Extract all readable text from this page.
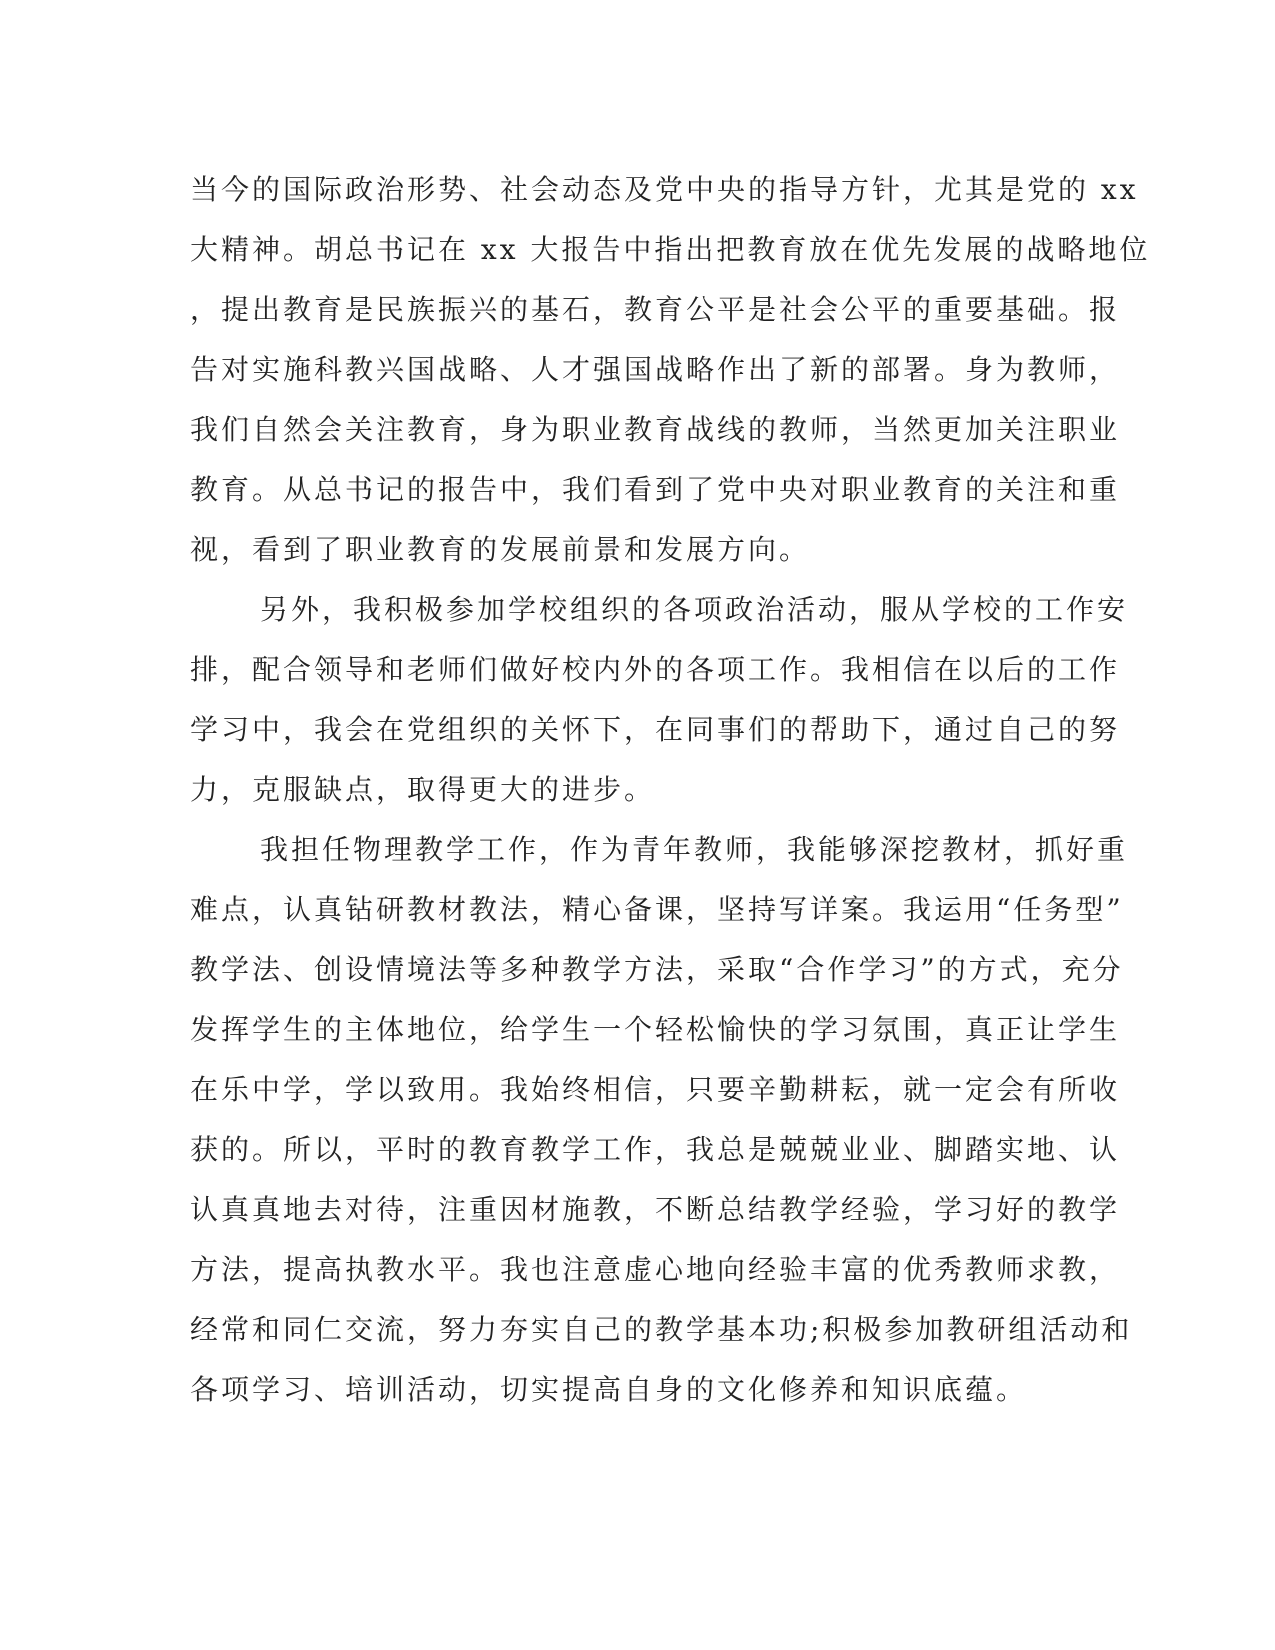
当今的国际政治形势、社会动态及党中央的指导方针，尤其是党的 xx
大精神。胡总书记在 xx 大报告中指出把教育放在优先发展的战略地位
，提出教育是民族振兴的基石，教育公平是社会公平的重要基础。报
告对实施科教兴国战略、人才强国战略作出了新的部署。身为教师，
我们自然会关注教育，身为职业教育战线的教师，当然更加关注职业
教育。从总书记的报告中，我们看到了党中央对职业教育的关注和重
视，看到了职业教育的发展前景和发展方向。
另外，我积极参加学校组织的各项政治活动，服从学校的工作安
排，配合领导和老师们做好校内外的各项工作。我相信在以后的工作
学习中，我会在党组织的关怀下，在同事们的帮助下，通过自己的努
力，克服缺点，取得更大的进步。
我担任物理教学工作，作为青年教师，我能够深挖教材，抓好重
难点，认真钻研教材教法，精心备课，坚持写详案。我运用“任务型”
教学法、创设情境法等多种教学方法，采取“合作学习”的方式，充分
发挥学生的主体地位，给学生一个轻松愉快的学习氛围，真正让学生
在乐中学，学以致用。我始终相信，只要辛勤耕耘，就一定会有所收
获的。所以，平时的教育教学工作，我总是兢兢业业、脚踏实地、认
认真真地去对待，注重因材施教，不断总结教学经验，学习好的教学
方法，提高执教水平。我也注意虚心地向经验丰富的优秀教师求教，
经常和同仁交流，努力夯实自己的教学基本功;积极参加教研组活动和
各项学习、培训活动，切实提高自身的文化修养和知识底蕴。
